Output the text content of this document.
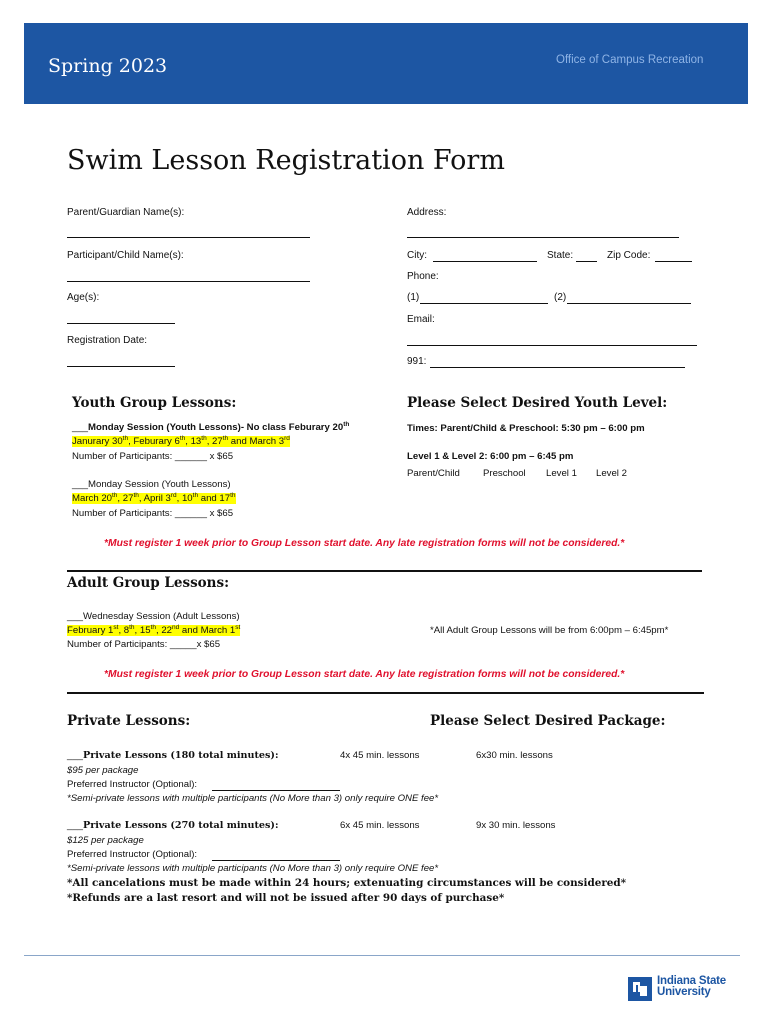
Spring 2023	Office of Campus Recreation
Swim Lesson Registration Form
Parent/Guardian Name(s):
Participant/Child Name(s):
Age(s):
Registration Date:
Address:
City:	State:	Zip Code:
Phone:
(1)	(2)
Email:
991:
Youth Group Lessons:
___Monday Session (Youth Lessons)- No class Feburary 20th
Janurary 30th, Feburary 6th, 13th, 27th and March 3rd
Number of Participants: ______ x $65
___Monday Session (Youth Lessons)
March 20th, 27th, April 3rd, 10th and 17th
Number of Participants: ______ x $65
Please Select Desired Youth Level:
Times: Parent/Child & Preschool: 5:30 pm – 6:00 pm
Level 1 & Level 2: 6:00 pm – 6:45 pm
Parent/Child Preschool Level 1 Level 2
*Must register 1 week prior to Group Lesson start date. Any late registration forms will not be considered.*
Adult Group Lessons:
___Wednesday Session (Adult Lessons)
February 1st, 8th, 15th, 22nd and March 1st
Number of Participants: _____x $65
*All Adult Group Lessons will be from 6:00pm – 6:45pm*
*Must register 1 week prior to Group Lesson start date. Any late registration forms will not be considered.*
Private Lessons:	Please Select Desired Package:
___Private Lessons (180 total minutes):	4x 45 min. lessons	6x30 min. lessons
$95 per package
Preferred Instructor (Optional):
*Semi-private lessons with multiple participants (No More than 3) only require ONE fee*
___Private Lessons (270 total minutes):	6x 45 min. lessons	9x 30 min. lessons
$125 per package
Preferred Instructor (Optional):
*Semi-private lessons with multiple participants (No More than 3) only require ONE fee*
*All cancelations must be made within 24 hours; extenuating circumstances will be considered*
*Refunds are a last resort and will not be issued after 90 days of purchase*
Indiana State
University
